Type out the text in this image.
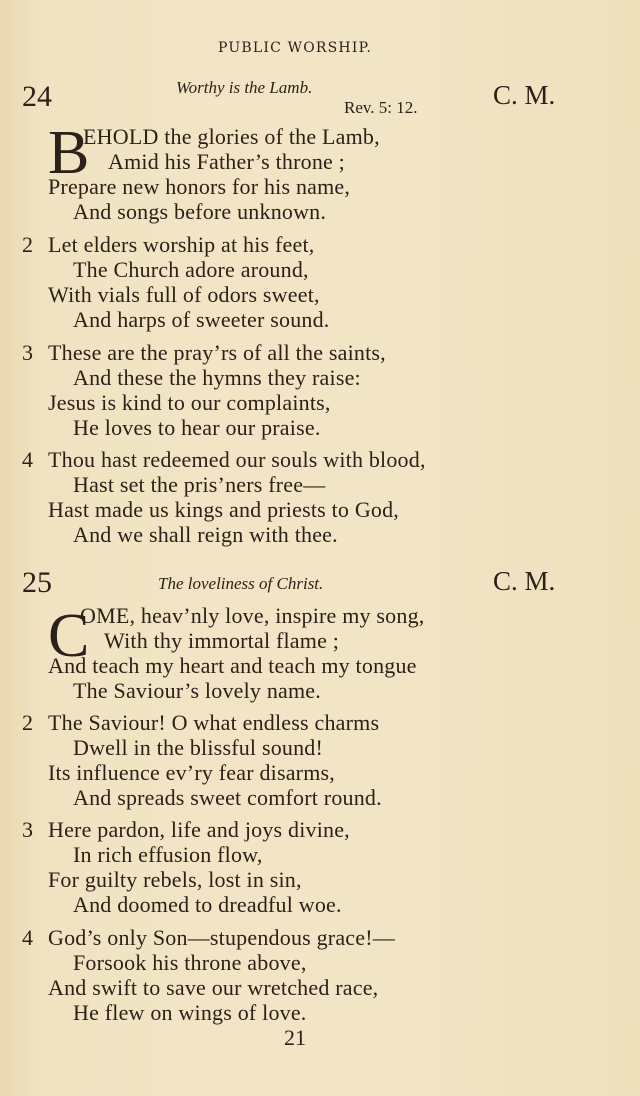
PUBLIC WORSHIP.
24	Worthy is the Lamb.
Rev. 5: 12.	C. M.
B
EHOLD the glories of the Lamb,
Amid his Father’s throne ;
Prepare new honors for his name,
And songs before unknown.
2 Let elders worship at his feet,
The Church adore around,
With vials full of odors sweet,
And harps of sweeter sound.
3 These are the pray’rs of all the saints,
And these the hymns they raise:
Jesus is kind to our complaints,
He loves to hear our praise.
4 Thou hast redeemed our souls with blood,
Hast set the pris’ners free—
Hast made us kings and priests to God,
And we shall reign with thee.
25	The loveliness of Christ.	C. M.
C
OME, heav’nly love, inspire my song,
With thy immortal flame ;
And teach my heart and teach my tongue
The Saviour’s lovely name.
2 The Saviour! O what endless charms
Dwell in the blissful sound!
Its influence ev’ry fear disarms,
And spreads sweet comfort round.
3 Here pardon, life and joys divine,
In rich effusion flow,
For guilty rebels, lost in sin,
And doomed to dreadful woe.
4 God’s only Son—stupendous grace!—
Forsook his throne above,
And swift to save our wretched race,
He flew on wings of love.
21
